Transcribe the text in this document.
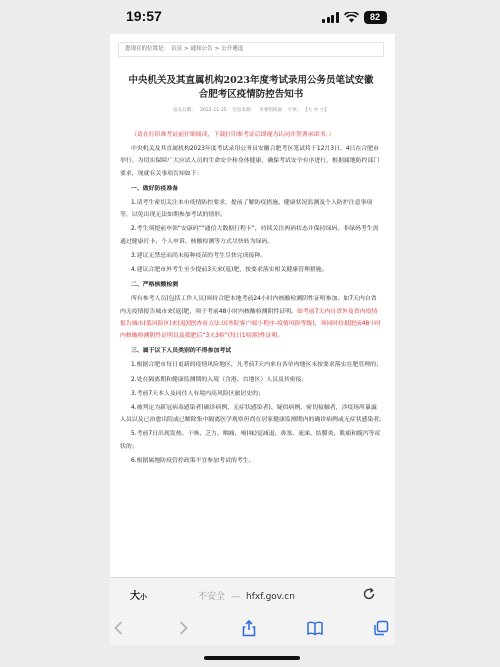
19:57	82
您现在的位置是： 首页 > 通知公告 > 公开遴选
中央机关及其直属机构2023年度考试录用公务员笔试安徽
合肥考区疫情防控告知书
发布日期： 2022-11-25 信息来源： 市委组织部 字体： 【大 中 小】

（请在打印准考证前仔细阅读，下载打印准考证后即视为认同并签署承诺书。）

中央机关及其直属机构2023年度考试录用公务员安徽合肥考区笔试将于12月3日、4日在合肥市举行。为切实保障广大应试人员的生命安全和身体健康，确保考试安全有序进行，根据属地防控部门要求，现就有关事项告知如下：

一、做好防疫准备

1.请考生密切关注本市疫情防控要求，提前了解防疫措施、健康状况监测及个人防护注意事项等，以免出现无法如期参加考试的情形。

2.考生须提前申领“安康码”“通信大数据行程卡”，持续关注两码状态并保持绿码。非绿码考生需通过健康打卡、个人申诉、核酸检测等方式尽快转为绿码。

3.建议无禁忌而尚未接种疫苗的考生尽快完成接种。

4.建议合肥市外考生至少提前3天来(返)肥，按要求落实相关健康管理措施。

二、严格核酸检测

所有参考人员(包括工作人员)须持合肥本地考前24小时内核酸检测阴性证明参加。如7天内自省内无疫情报告城市来(返)肥，须于考前48小时内核酸检测阴性证明。如考前7天内自省外及省内疫情报告城市(低风险区)来(返)肥(查看方法:国务院客户端小程序-疫情风险等级)，须同时持抵肥前48小时内核酸检测阴性证明以及抵肥后“3天3检”(每日1检)阴性证明。

三、属于以下人员类别的不得参加考试

1.根据合肥市每日更新的疫情风险地区，凡考前7天内来自各单内地区未按要求落实在肥管理的；

2.处在隔离期和健康监测期的入境（含港、台地区）人员及其密接；

3.考前7天本人及同住人有境内高风险区旅居史的；

4.被判定为新冠病毒感染者(确诊病例、无症状感染者)、疑似病例、密切接触者，涉疫场所暴露人员以及已治愈出院或已解除集中隔离医学观察但尚在居家健康监测期内的确诊病例或无症状感染者;

5.考前7日出现发热、干咳、乏力、咽痛、嗅(味)觉减退、鼻塞、流涕、结膜炎、肌痛和腹泻等症状的；

6.根据属地防疫管控政策不宜参加考试的考生。

大小	不安全 — hfxf.gov.cn
